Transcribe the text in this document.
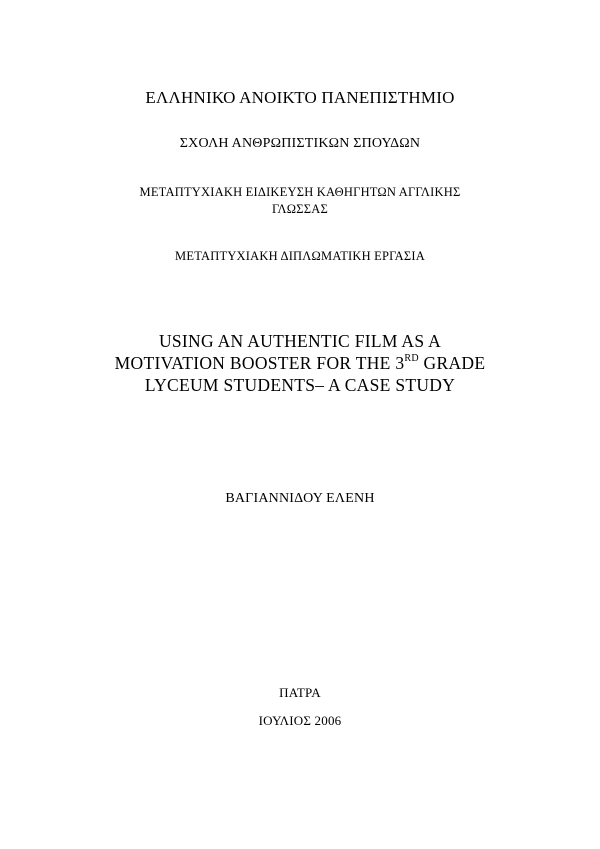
ΕΛΛΗΝΙΚΟ ΑΝΟΙΚΤΟ ΠΑΝΕΠΙΣΤΗΜΙΟ
ΣΧΟΛΗ ΑΝΘΡΩΠΙΣΤΙΚΩΝ ΣΠΟΥΔΩΝ
ΜΕΤΑΠΤΥΧΙΑΚΗ ΕΙΔΙΚΕΥΣΗ ΚΑΘΗΓΗΤΩΝ ΑΓΓΛΙΚΗΣ
ΓΛΩΣΣΑΣ
ΜΕΤΑΠΤΥΧΙΑΚΗ ΔΙΠΛΩΜΑΤΙΚΗ ΕΡΓΑΣΙΑ
USING AN AUTHENTIC FILM AS A
MOTIVATION BOOSTER FOR THE 3RD GRADE
LYCEUM STUDENTS– A CASE STUDY
ΒΑΓΙΑΝΝΙΔΟΥ ΕΛΕΝΗ
ΠΑΤΡΑ
ΙΟΥΛΙΟΣ 2006
